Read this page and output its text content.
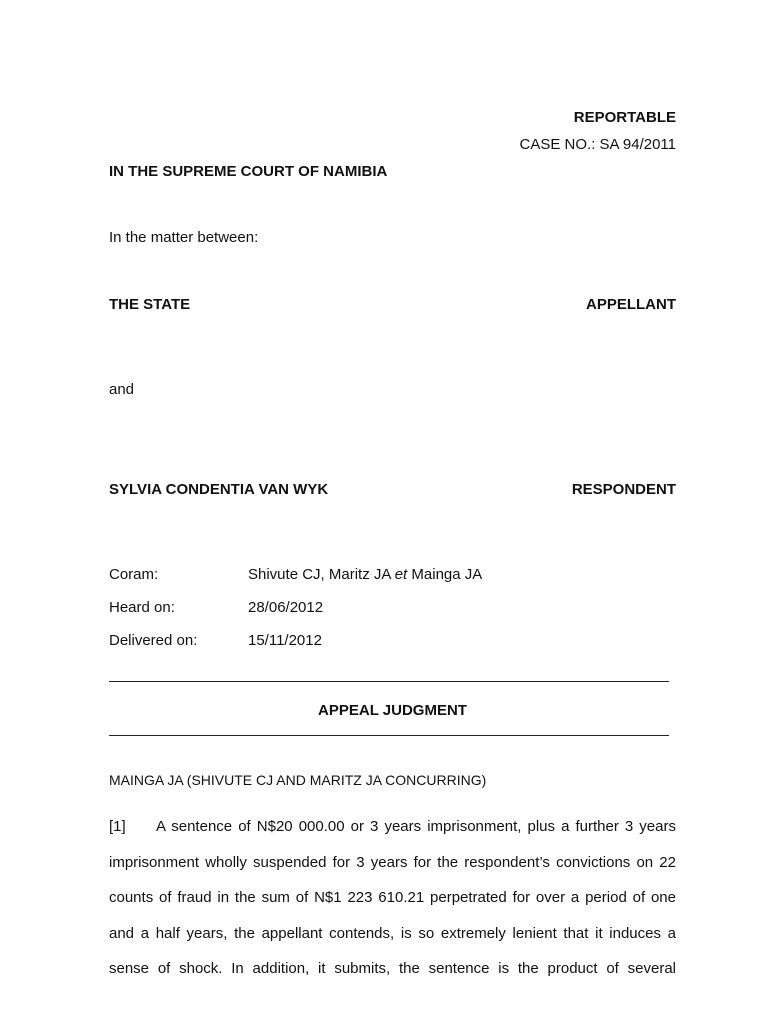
REPORTABLE
CASE NO.: SA 94/2011
IN THE SUPREME COURT OF NAMIBIA
In the matter between:
THE STATE	APPELLANT
and
SYLVIA CONDENTIA VAN WYK	RESPONDENT
Coram:	Shivute CJ, Maritz JA et Mainga JA
Heard on:	28/06/2012
Delivered on:	15/11/2012
APPEAL JUDGMENT
MAINGA JA (SHIVUTE CJ AND MARITZ JA CONCURRING)
[1] A sentence of N$20 000.00 or 3 years imprisonment, plus a further 3 years
imprisonment wholly suspended for 3 years for the respondent’s convictions on 22
counts of fraud in the sum of N$1 223 610.21 perpetrated for over a period of one
and a half years, the appellant contends, is so extremely lenient that it induces a
sense of shock. In addition, it submits, the sentence is the product of several
